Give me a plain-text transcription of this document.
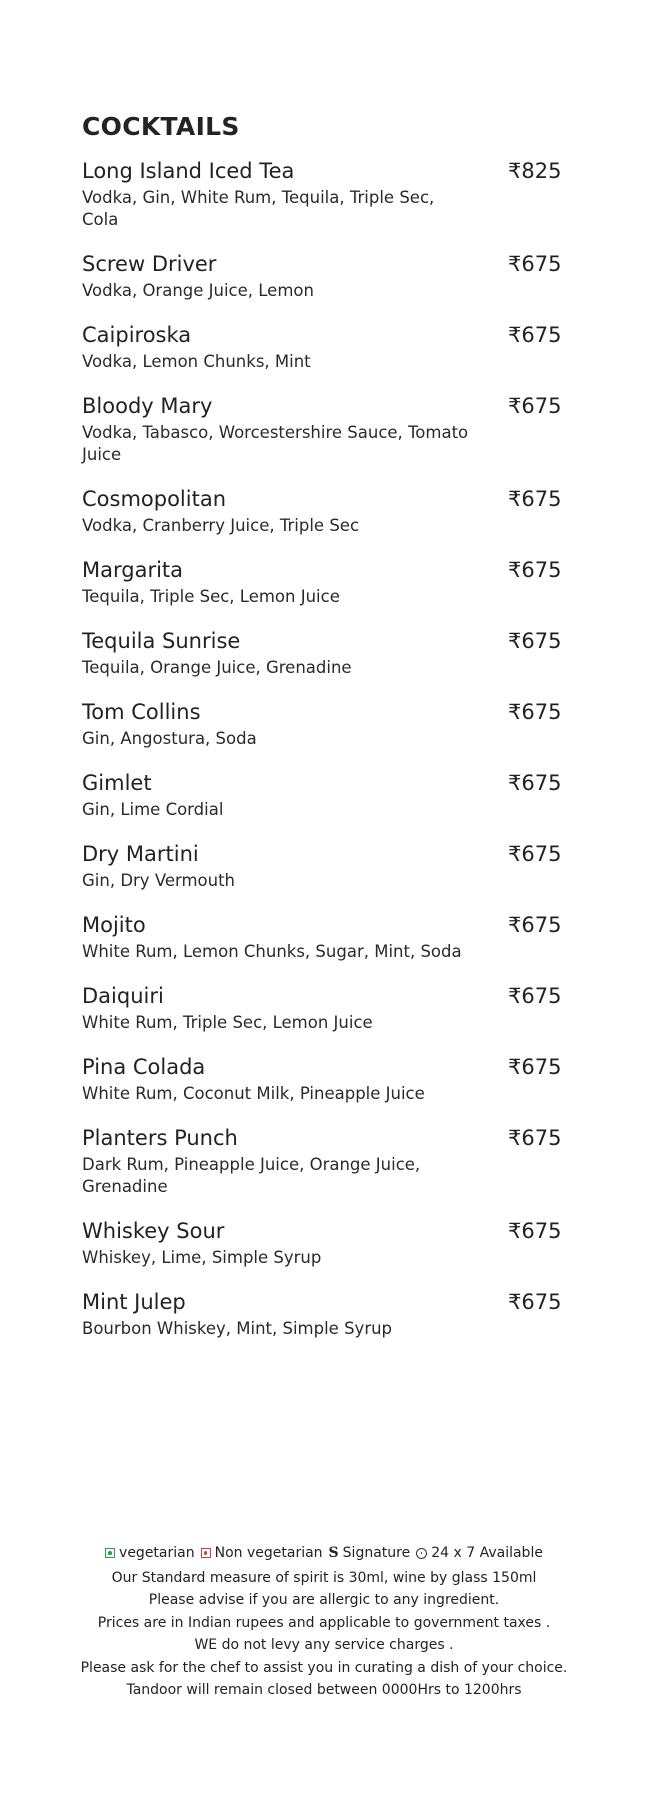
COCKTAILS
Long Island Iced Tea	₹825
Vodka, Gin, White Rum, Tequila, Triple Sec, Cola
Screw Driver	₹675
Vodka, Orange Juice, Lemon
Caipiroska	₹675
Vodka, Lemon Chunks, Mint
Bloody Mary	₹675
Vodka, Tabasco, Worcestershire Sauce, Tomato Juice
Cosmopolitan	₹675
Vodka, Cranberry Juice, Triple Sec
Margarita	₹675
Tequila, Triple Sec, Lemon Juice
Tequila Sunrise	₹675
Tequila, Orange Juice, Grenadine
Tom Collins	₹675
Gin, Angostura, Soda
Gimlet	₹675
Gin, Lime Cordial
Dry Martini	₹675
Gin, Dry Vermouth
Mojito	₹675
White Rum, Lemon Chunks, Sugar, Mint, Soda
Daiquiri	₹675
White Rum, Triple Sec, Lemon Juice
Pina Colada	₹675
White Rum, Coconut Milk, Pineapple Juice
Planters Punch	₹675
Dark Rum, Pineapple Juice, Orange Juice, Grenadine
Whiskey Sour	₹675
Whiskey, Lime, Simple Syrup
Mint Julep	₹675
Bourbon Whiskey, Mint, Simple Syrup
vegetarian Non vegetarian S Signature 24 x 7 Available
Our Standard measure of spirit is 30ml, wine by glass 150ml
Please advise if you are allergic to any ingredient.
Prices are in Indian rupees and applicable to government taxes .
WE do not levy any service charges .
Please ask for the chef to assist you in curating a dish of your choice.
Tandoor will remain closed between 0000Hrs to 1200hrs
